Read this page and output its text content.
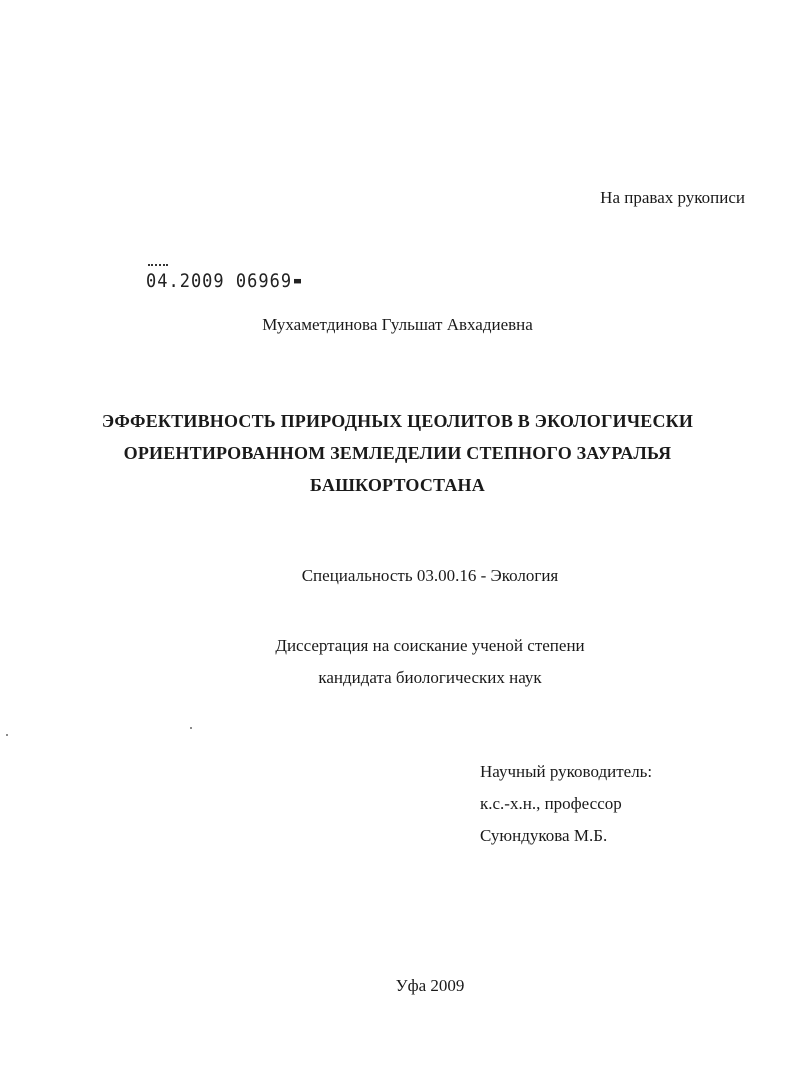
На правах рукописи
04.2009 06969
Мухаметдинова Гульшат Авхадиевна
ЭФФЕКТИВНОСТЬ ПРИРОДНЫХ ЦЕОЛИТОВ В ЭКОЛОГИЧЕСКИ
ОРИЕНТИРОВАННОМ ЗЕМЛЕДЕЛИИ СТЕПНОГО ЗАУРАЛЬЯ
БАШКОРТОСТАНА
Специальность 03.00.16 - Экология
Диссертация на соискание ученой степени
кандидата биологических наук
Научный руководитель:
к.с.-х.н., профессор
Суюндукова М.Б.
Уфа 2009
